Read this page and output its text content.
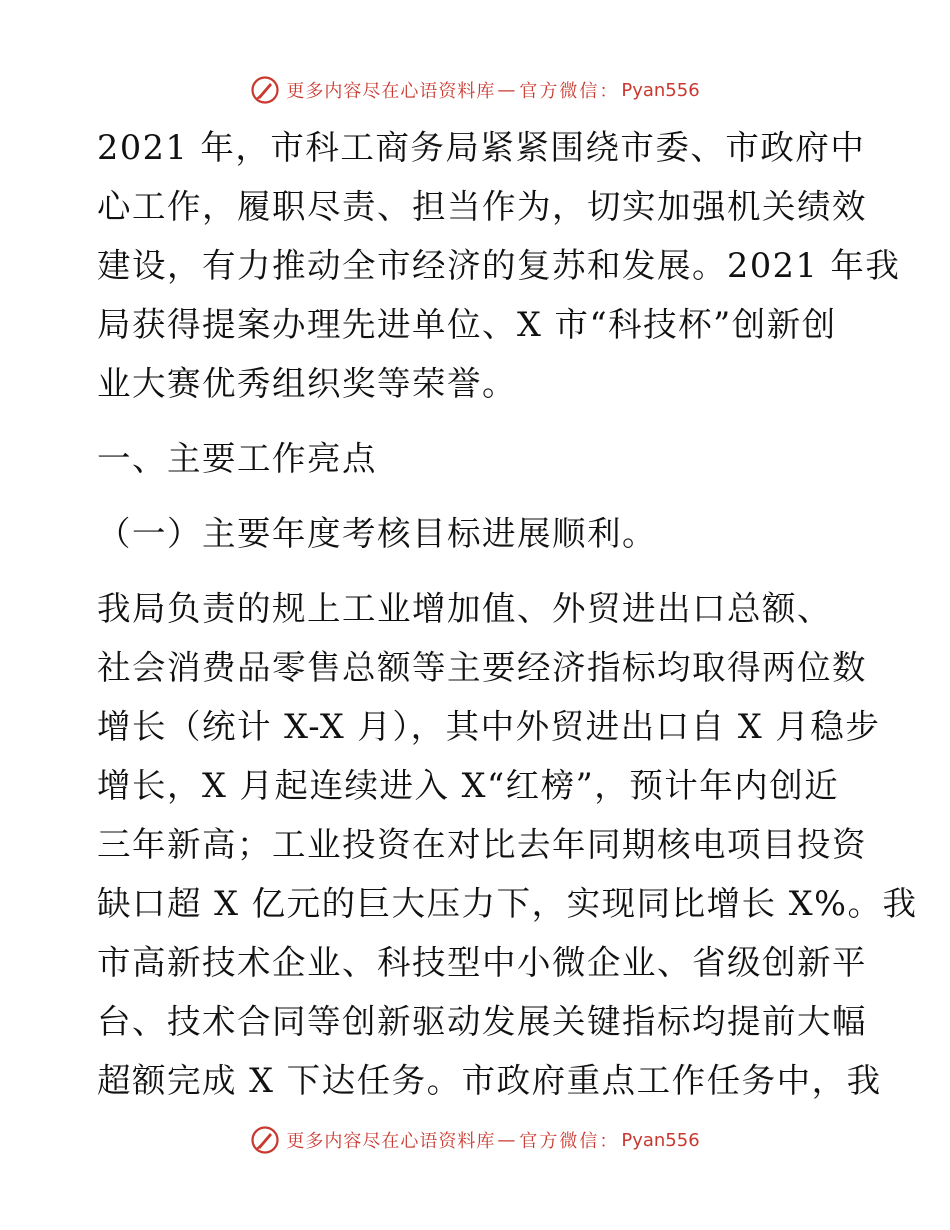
更多内容尽在心语资料库 — 官方微信： Pyan556

2021 年，市科工商务局紧紧围绕市委、市政府中
心工作，履职尽责、担当作为，切实加强机关绩效
建设，有力推动全市经济的复苏和发展。2021 年我
局获得提案办理先进单位、X 市“科技杯”创新创
业大赛优秀组织奖等荣誉。

一、主要工作亮点

（一）主要年度考核目标进展顺利。

我局负责的规上工业增加值、外贸进出口总额、
社会消费品零售总额等主要经济指标均取得两位数
增长（统计 X-X 月），其中外贸进出口自 X 月稳步
增长，X 月起连续进入 X“红榜”，预计年内创近
三年新高；工业投资在对比去年同期核电项目投资
缺口超 X 亿元的巨大压力下，实现同比增长 X%。我
市高新技术企业、科技型中小微企业、省级创新平
台、技术合同等创新驱动发展关键指标均提前大幅
超额完成 X 下达任务。市政府重点工作任务中，我

更多内容尽在心语资料库 — 官方微信： Pyan556
